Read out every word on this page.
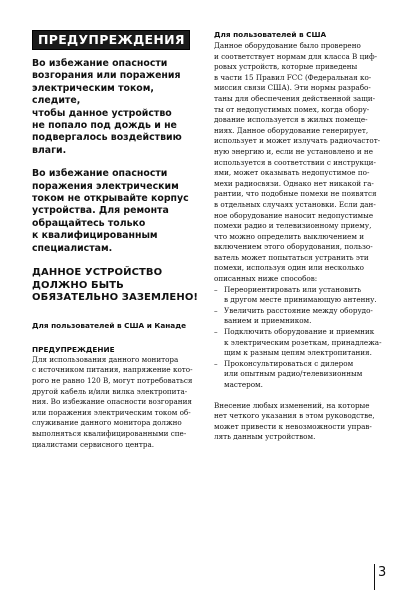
ПРЕДУПРЕЖДЕНИЯ

Во избежание опасности
возгорания или поражения
электрическим током, следите,
чтобы данное устройство
не попало под дождь и не
подвергалось воздействию
влаги.

Во избежание опасности
поражения электрическим
током не открывайте корпус
устройства. Для ремонта
обращайтесь только
к квалифицированным
специалистам.

ДАННОЕ УСТРОЙСТВО
ДОЛЖНО БЫТЬ
ОБЯЗАТЕЛЬНО ЗАЗЕМЛЕНО!

Для пользователей в США и Канаде

ПРЕДУПРЕЖДЕНИЕ

Для использования данного монитора
с источником питания, напряжение кото-
рого не равно 120 В, могут потребоваться
другой кабель и/или вилка электропита-
ния. Во избежание опасности возгорания
или поражения электрическим током об-
служивание данного монитора должно
выполняться квалифицированными спе-
циалистами сервисного центра.

Для пользователей в США

Данное оборудование было проверено
и соответствует нормам для класса В циф-
ровых устройств, которые приведены
в части 15 Правил FCC (Федеральная ко-
миссия связи США). Эти нормы разрабо-
таны для обеспечения действенной защи-
ты от недопустимых помех, когда обору-
дование используется в жилых помеще-
ниях. Данное оборудование генерирует,
использует и может излучать радиочастот-
ную энергию и, если не установлено и не
используется в соответствии с инструкци-
ями, может оказывать недопустимое по-
мехи радиосвязи. Однако нет никакой га-
рантии, что подобные помехи не появятся
в отдельных случаях установки. Если дан-
ное оборудование наносит недопустимые
помехи радио и телевизионному приему,
что можно определить выключением и
включением этого оборудования, пользо-
ватель может попытаться устранить эти
помехи, используя один или несколько
описанных ниже способов:

– Переориентировать или установить
в другом месте принимающую антенну.
– Увеличить расстояние между оборудо-
ванием и приемником.
– Подключить оборудование и приемник
к электрическим розеткам, принадлежа-
щим к разным цепям электропитания.
– Проконсультироваться с дилером
или опытным радио/телевизионным
мастером.

Внесение любых изменений, на которые
нет четкого указания в этом руководстве,
может привести к невозможности управ-
лять данным устройством.

3
